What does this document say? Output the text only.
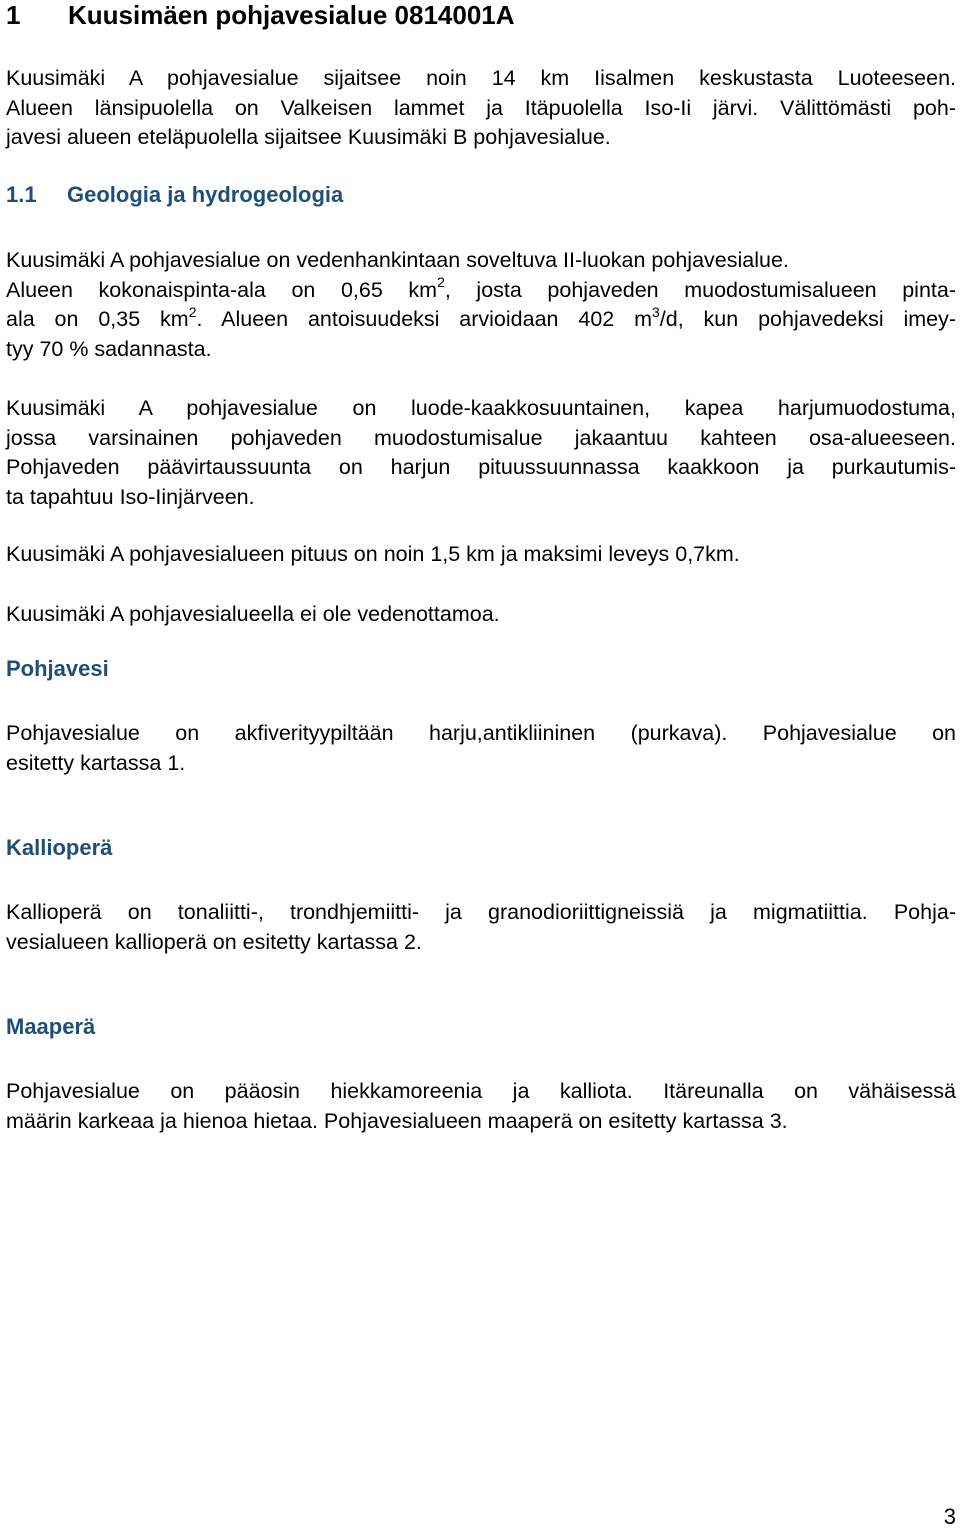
1 Kuusimäen pohjavesialue 0814001A
Kuusimäki A pohjavesialue sijaitsee noin 14 km Iisalmen keskustasta Luoteeseen.
Alueen länsipuolella on Valkeisen lammet ja Itäpuolella Iso-Ii järvi. Välittömästi poh-
javesi alueen eteläpuolella sijaitsee Kuusimäki B pohjavesialue.
1.1 Geologia ja hydrogeologia
Kuusimäki A pohjavesialue on vedenhankintaan soveltuva II-luokan pohjavesialue.
Alueen kokonaispinta-ala on 0,65 $km^2$, josta pohjaveden muodostumisalueen pinta-
ala on 0,35 $km^2$. Alueen antoisuudeksi arvioidaan 402 $m^3/d$, kun pohjavedeksi imey-
tyy 70 % sadannasta.
Kuusimäki A pohjavesialue on luode-kaakkosuuntainen, kapea harjumuodostuma,
jossa varsinainen pohjaveden muodostumisalue jakaantuu kahteen osa-alueeseen.
Pohjaveden päävirtaussuunta on harjun pituussuunnassa kaakkoon ja purkautumis-
ta tapahtuu Iso-Iinjärveen.
Kuusimäki A pohjavesialueen pituus on noin 1,5 km ja maksimi leveys 0,7km.
Kuusimäki A pohjavesialueella ei ole vedenottamoa.
Pohjavesi
Pohjavesialue on akfiverityypiltään harju,antikliininen (purkava). Pohjavesialue on
esitetty kartassa 1.
Kallioperä
Kallioperä on tonaliitti-, trondhjemiitti- ja granodioriittigneissiä ja migmatiittia. Pohja-
vesialueen kallioperä on esitetty kartassa 2.
Maaperä
Pohjavesialue on pääosin hiekkamoreenia ja kalliota. Itäreunalla on vähäisessä
määrin karkeaa ja hienoa hietaa. Pohjavesialueen maaperä on esitetty kartassa 3.
3
